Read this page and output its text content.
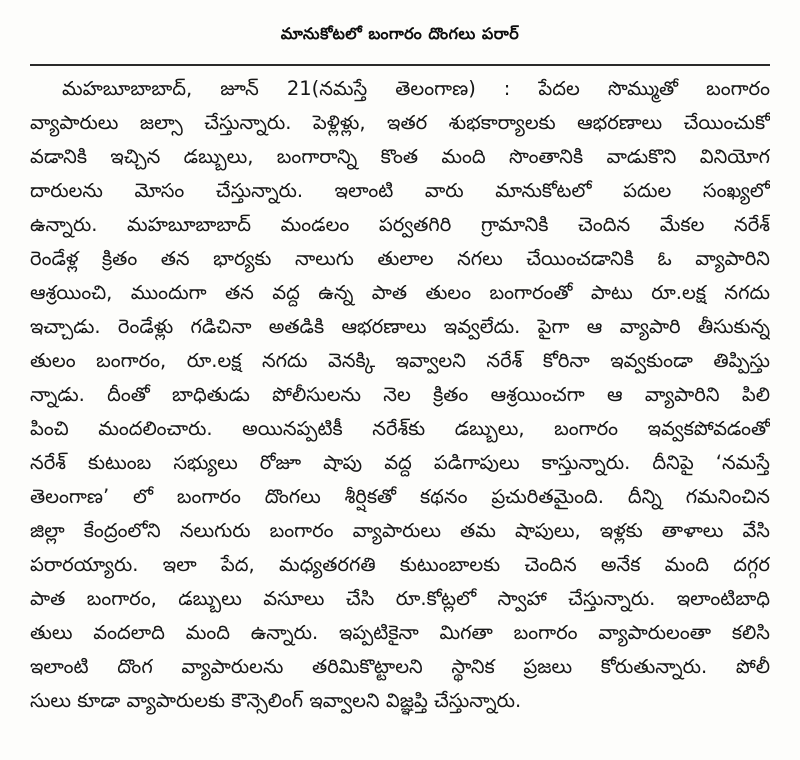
మానుకోటలో బంగారం దొంగలు పరార్
మహబూబాబాద్, జూన్ 21(నమస్తే తెలంగాణ) : పేదల సొమ్ముతో బంగారం
వ్యాపారులు జల్సా చేస్తున్నారు. పెళ్లిళ్లు, ఇతర శుభకార్యాలకు ఆభరణాలు చేయించుకో
వడానికి ఇచ్చిన డబ్బులు, బంగారాన్ని కొంత మంది సొంతానికి వాడుకొని వినియోగ
దారులను మోసం చేస్తున్నారు. ఇలాంటి వారు మానుకోటలో పదుల సంఖ్యలో
ఉన్నారు. మహబూబాబాద్ మండలం పర్వతగిరి గ్రామానికి చెందిన మేకల నరేశ్
రెండేళ్ల క్రితం తన భార్యకు నాలుగు తులాల నగలు చేయించడానికి ఓ వ్యాపారిని
ఆశ్రయించి, ముందుగా తన వద్ద ఉన్న పాత తులం బంగారంతో పాటు రూ.లక్ష నగదు
ఇచ్చాడు. రెండేళ్లు గడిచినా అతడికి ఆభరణాలు ఇవ్వలేదు. పైగా ఆ వ్యాపారి తీసుకున్న
తులం బంగారం, రూ.లక్ష నగదు వెనక్కి ఇవ్వాలని నరేశ్ కోరినా ఇవ్వకుండా తిప్పిస్తు
న్నాడు. దీంతో బాధితుడు పోలీసులను నెల క్రితం ఆశ్రయించగా ఆ వ్యాపారిని పిలి
పించి మందలించారు. అయినప్పటికీ నరేశ్‌కు డబ్బులు, బంగారం ఇవ్వకపోవడంతో
నరేశ్ కుటుంబ సభ్యులు రోజూ షాపు వద్ద పడిగాపులు కాస్తున్నారు. దీనిపై ‘నమస్తే
తెలంగాణ’ లో బంగారం దొంగలు శీర్షికతో కథనం ప్రచురితమైంది. దీన్ని గమనించిన
జిల్లా కేంద్రంలోని నలుగురు బంగారం వ్యాపారులు తమ షాపులు, ఇళ్లకు తాళాలు వేసి
పరారయ్యారు. ఇలా పేద, మధ్యతరగతి కుటుంబాలకు చెందిన అనేక మంది దగ్గర
పాత బంగారం, డబ్బులు వసూలు చేసి రూ.కోట్లలో స్వాహా చేస్తున్నారు. ఇలాంటిబాధి
తులు వందలాది మంది ఉన్నారు. ఇప్పటికైనా మిగతా బంగారం వ్యాపారులంతా కలిసి
ఇలాంటి దొంగ వ్యాపారులను తరిమికొట్టాలని స్థానిక ప్రజలు కోరుతున్నారు. పోలీ
సులు కూడా వ్యాపారులకు కౌన్సెలింగ్ ఇవ్వాలని విజ్ఞప్తి చేస్తున్నారు.
